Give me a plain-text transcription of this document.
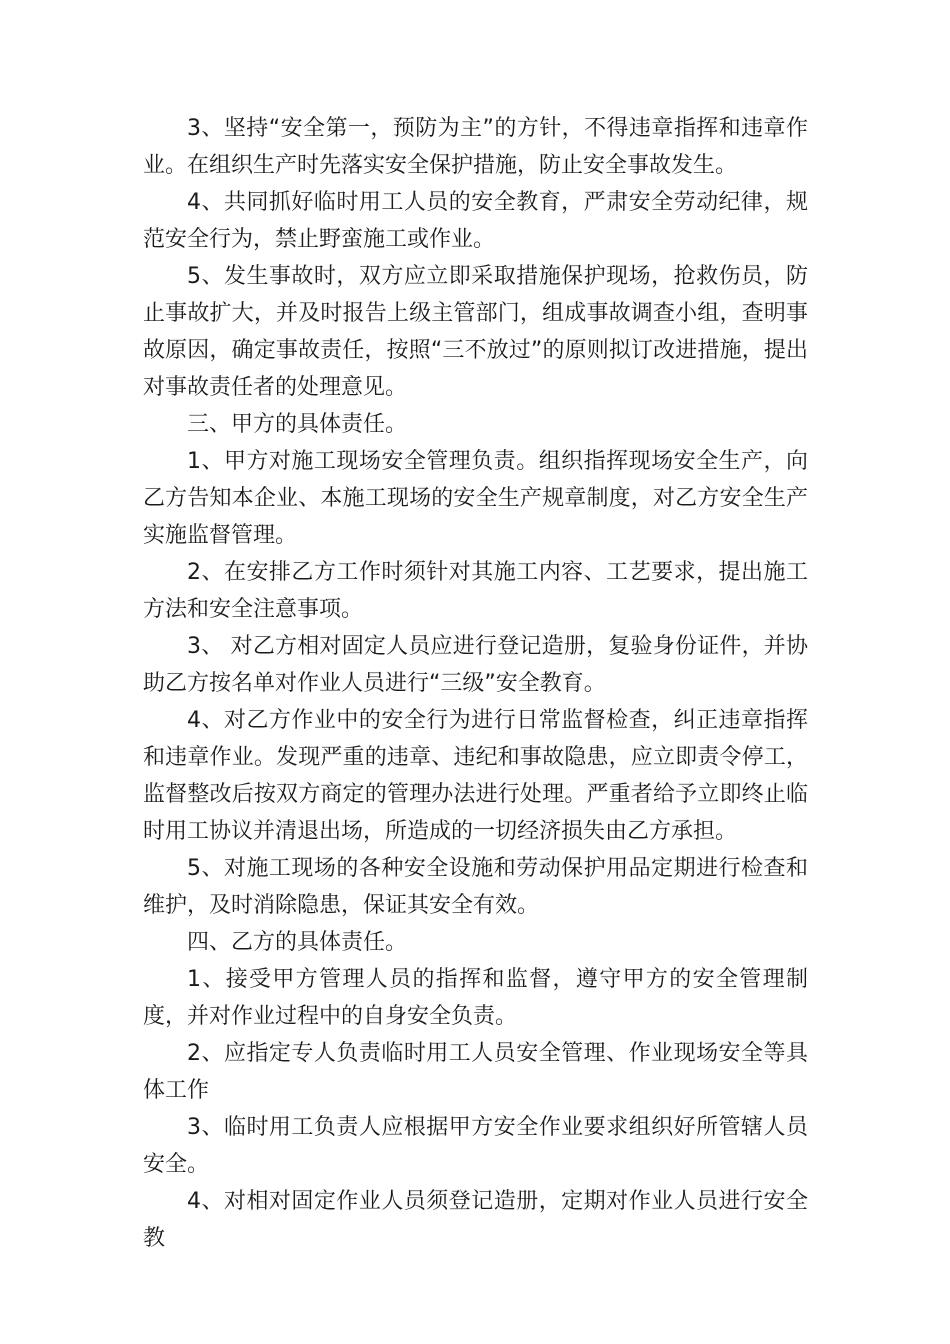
3、坚持“安全第一，预防为主”的方针，不得违章指挥和违章作业。在组织生产时先落实安全保护措施，防止安全事故发生。

4、共同抓好临时用工人员的安全教育，严肃安全劳动纪律，规范安全行为，禁止野蛮施工或作业。

5、发生事故时，双方应立即采取措施保护现场，抢救伤员，防止事故扩大，并及时报告上级主管部门，组成事故调查小组，查明事故原因，确定事故责任，按照“三不放过”的原则拟订改进措施，提出对事故责任者的处理意见。

三、甲方的具体责任。

1、甲方对施工现场安全管理负责。组织指挥现场安全生产，向乙方告知本企业、本施工现场的安全生产规章制度，对乙方安全生产实施监督管理。

2、在安排乙方工作时须针对其施工内容、工艺要求，提出施工方法和安全注意事项。

3、 对乙方相对固定人员应进行登记造册，复验身份证件，并协助乙方按名单对作业人员进行“三级”安全教育。

4、对乙方作业中的安全行为进行日常监督检查，纠正违章指挥和违章作业。发现严重的违章、违纪和事故隐患，应立即责令停工，监督整改后按双方商定的管理办法进行处理。严重者给予立即终止临时用工协议并清退出场，所造成的一切经济损失由乙方承担。

5、对施工现场的各种安全设施和劳动保护用品定期进行检查和维护，及时消除隐患，保证其安全有效。

四、乙方的具体责任。

1、接受甲方管理人员的指挥和监督，遵守甲方的安全管理制度，并对作业过程中的自身安全负责。

2、应指定专人负责临时用工人员安全管理、作业现场安全等具体工作

3、临时用工负责人应根据甲方安全作业要求组织好所管辖人员安全。

4、对相对固定作业人员须登记造册，定期对作业人员进行安全教
